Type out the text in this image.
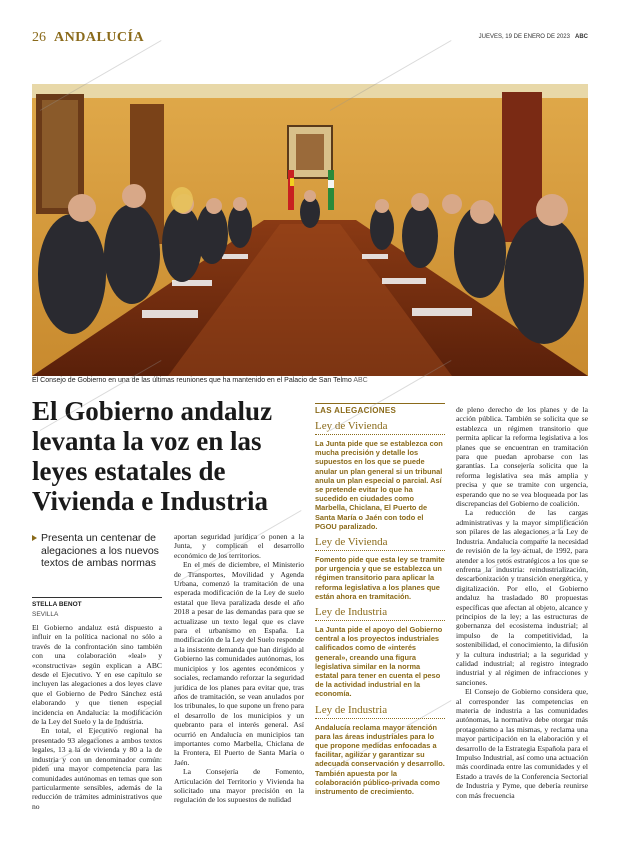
26 ANDALUCÍA	JUEVES, 19 DE ENERO DE 2023 ABC
El Consejo de Gobierno en una de las últimas reuniones que ha mantenido en el Palacio de San Telmo ABC
El Gobierno andaluz levanta la voz en las leyes estatales de Vivienda e Industria
Presenta un centenar de alegaciones a los nuevos textos de ambas normas
STELLA BENOT
SEVILLA

El Gobierno andaluz está dispuesto a influir en la política nacional no sólo a través de la confrontación sino también con una colaboración «leal» y «constructiva» según explican a ABC desde el Ejecutivo. Y en ese capítulo se incluyen las alegaciones a dos leyes clave que el Gobierno de Pedro Sánchez está elaborando y que tienen especial incidencia en Andalucía: la modificación de la Ley del Suelo y la de Industria.

En total, el Ejecutivo regional ha presentado 93 alegaciones a ambos textos legales, 13 a la de vivienda y 80 a la de industria y con un denominador común: piden una mayor competencia para las comunidades autónomas en temas que son particularmente sensibles, además de la reducción de trámites administrativos que no

aportan seguridad jurídica o ponen a la Junta, y complican el desarrollo económico de los territorios.

En el mes de diciembre, el Ministerio de Transportes, Movilidad y Agenda Urbana, comenzó la tramitación de una esperada modificación de la Ley de suelo estatal que lleva paralizada desde el año 2018 a pesar de las demandas para que se actualizase un texto legal que es clave para el urbanismo en España. La modificación de la Ley del Suelo responde a la insistente demanda que han dirigido al Gobierno las comunidades autónomas, los municipios y los agentes económicos y sociales, reclamando reforzar la seguridad jurídica de los planes para evitar que, tras años de tramitación, se vean anulados por los tribunales, lo que supone un freno para el desarrollo de los municipios y un quebranto para el interés general. Así ocurrió en Andalucía en municipios tan importantes como Marbella, Chiclana de la Frontera, El Puerto de Santa María o Jaén.

La Consejería de Fomento, Articulación del Territorio y Vivienda ha solicitado una mayor precisión en la regulación de los supuestos de nulidad

LAS ALEGACIONES
Ley de Vivienda
La Junta pide que se establezca con mucha precisión y detalle los supuestos en los que se puede anular un plan general si un tribunal anula un plan especial o parcial. Así se pretende evitar lo que ha sucedido en ciudades como Marbella, Chiclana, El Puerto de Santa María o Jaén con todo el PGOU paralizado.
Ley de Vivienda
Fomento pide que esta ley se tramite por urgencia y que se establezca un régimen transitorio para aplicar la reforma legislativa a los planes que están ahora en tramitación.
Ley de Industria
La Junta pide el apoyo del Gobierno central a los proyectos industriales calificados como de «interés general», creando una figura legislativa similar en la norma estatal para tener en cuenta el peso de la actividad industrial en la economía.
Ley de Industria
Andalucía reclama mayor atención para las áreas industriales para lo que propone medidas enfocadas a facilitar, agilizar y garantizar su adecuada conservación y desarrollo. También apuesta por la colaboración público-privada como instrumento de crecimiento.

de pleno derecho de los planes y de la acción pública. También se solicita que se establezca un régimen transitorio que permita aplicar la reforma legislativa a los planes que se encuentran en tramitación para que puedan aprobarse con las garantías. La consejería solicita que la reforma legislativa sea más amplia y precisa y que se tramite con urgencia, esperando que no se vea bloqueada por las discrepancias del Gobierno de coalición.

La reducción de las cargas administrativas y la mayor simplificación son pilares de las alegaciones a la Ley de Industria. Andalucía comparte la necesidad de revisión de la ley actual, de 1992, para atender a los retos estratégicos a los que se enfrenta la industria: reindustrialización, descarbonización y transición energética, y digitalización. Por ello, el Gobierno andaluz ha trasladado 80 propuestas específicas que afectan al objeto, alcance y principios de la ley; a las estructuras de gobernanza del ecosistema industrial; al impulso de la competitividad, la sostenibilidad, el conocimiento, la difusión y la cultura industrial; a la seguridad y calidad industrial; al registro integrado industrial y al régimen de infracciones y sanciones.

El Consejo de Gobierno considera que, al corresponder las competencias en materia de industria a las comunidades autónomas, la normativa debe otorgar más protagonismo a las mismas, y reclama una mayor participación en la elaboración y el desarrollo de la Estrategia Española para el Impulso Industrial, así como una actuación más coordinada entre las comunidades y el Estado a través de la Conferencia Sectorial de Industria y Pyme, que debería reunirse con más frecuencia
